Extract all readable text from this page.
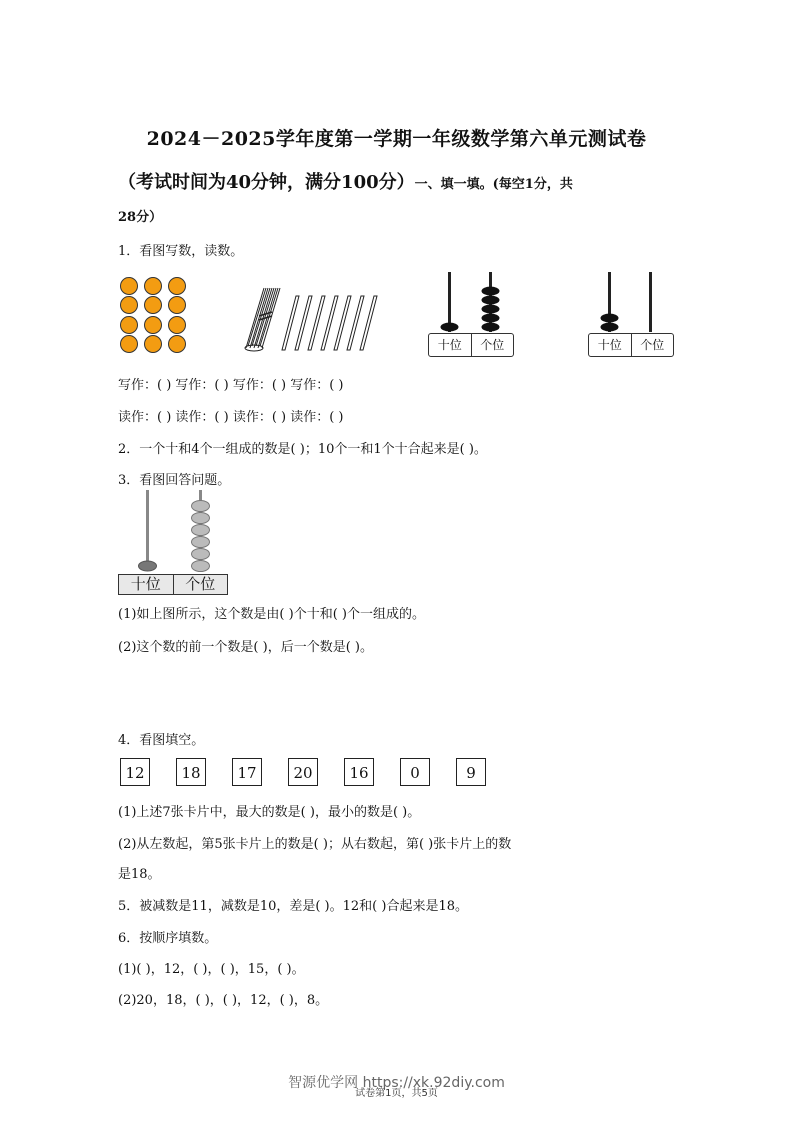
2024－2025学年度第一学期一年级数学第六单元测试卷
（考试时间为40分钟，满分100分）一、填一填。(每空1分，共
28分）
1．看图写数，读数。
十位	个位	十位	个位
写作：( ) 写作：( ) 写作：( ) 写作：( )
读作：( ) 读作：( ) 读作：( ) 读作：( )
2．一个十和4个一组成的数是( )；10个一和1个十合起来是( )。
3．看图回答问题。
十位	个位
(1)如上图所示，这个数是由( )个十和( )个一组成的。
(2)这个数的前一个数是( )，后一个数是( )。
4．看图填空。
12	18	17	20	16	0	9
(1)上述7张卡片中，最大的数是( )，最小的数是( )。
(2)从左数起，第5张卡片上的数是( )；从右数起，第( )张卡片上的数
是18。
5．被减数是11，减数是10，差是( )。12和( )合起来是18。
6．按顺序填数。
(1)( )，12，( )，( )，15，( )。
(2)20，18，( )，( )，12，( )，8。
智源优学网 https://xk.92diy.com
试卷第1页，共5页
